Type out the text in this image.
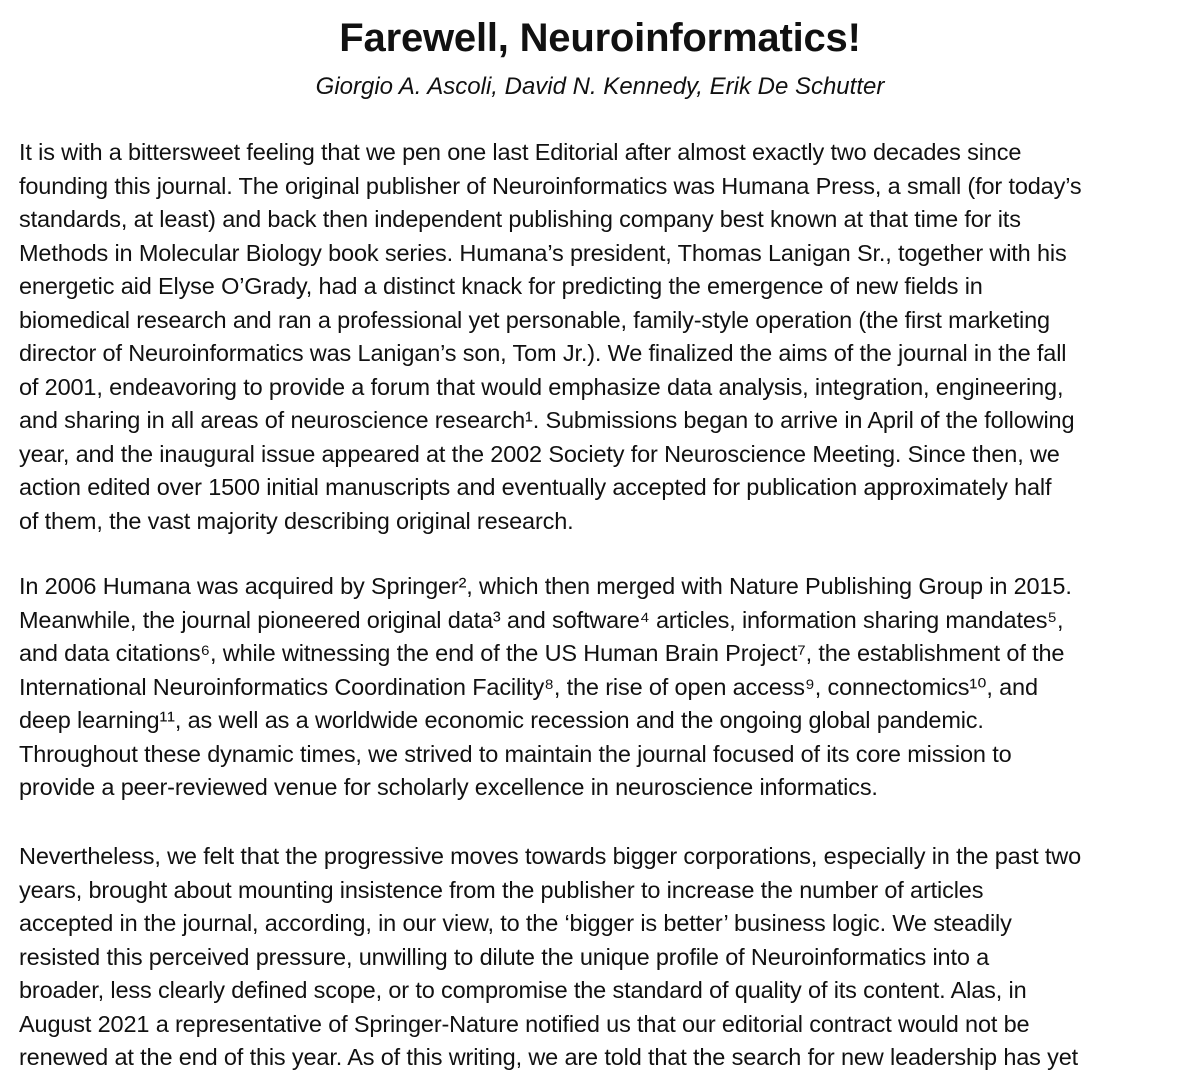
Farewell, Neuroinformatics!
Giorgio A. Ascoli, David N. Kennedy, Erik De Schutter

It is with a bittersweet feeling that we pen one last Editorial after almost exactly two decades since
founding this journal. The original publisher of Neuroinformatics was Humana Press, a small (for today’s
standards, at least) and back then independent publishing company best known at that time for its
Methods in Molecular Biology book series. Humana’s president, Thomas Lanigan Sr., together with his
energetic aid Elyse O’Grady, had a distinct knack for predicting the emergence of new fields in
biomedical research and ran a professional yet personable, family-style operation (the first marketing
director of Neuroinformatics was Lanigan’s son, Tom Jr.). We finalized the aims of the journal in the fall
of 2001, endeavoring to provide a forum that would emphasize data analysis, integration, engineering,
and sharing in all areas of neuroscience research¹. Submissions began to arrive in April of the following
year, and the inaugural issue appeared at the 2002 Society for Neuroscience Meeting. Since then, we
action edited over 1500 initial manuscripts and eventually accepted for publication approximately half
of them, the vast majority describing original research.

In 2006 Humana was acquired by Springer², which then merged with Nature Publishing Group in 2015.
Meanwhile, the journal pioneered original data³ and software⁴ articles, information sharing mandates⁵,
and data citations⁶, while witnessing the end of the US Human Brain Project⁷, the establishment of the
International Neuroinformatics Coordination Facility⁸, the rise of open access⁹, connectomics¹⁰, and
deep learning¹¹, as well as a worldwide economic recession and the ongoing global pandemic.
Throughout these dynamic times, we strived to maintain the journal focused of its core mission to
provide a peer-reviewed venue for scholarly excellence in neuroscience informatics.

Nevertheless, we felt that the progressive moves towards bigger corporations, especially in the past two
years, brought about mounting insistence from the publisher to increase the number of articles
accepted in the journal, according, in our view, to the ‘bigger is better’ business logic. We steadily
resisted this perceived pressure, unwilling to dilute the unique profile of Neuroinformatics into a
broader, less clearly defined scope, or to compromise the standard of quality of its content. Alas, in
August 2021 a representative of Springer-Nature notified us that our editorial contract would not be
renewed at the end of this year. As of this writing, we are told that the search for new leadership has yet
